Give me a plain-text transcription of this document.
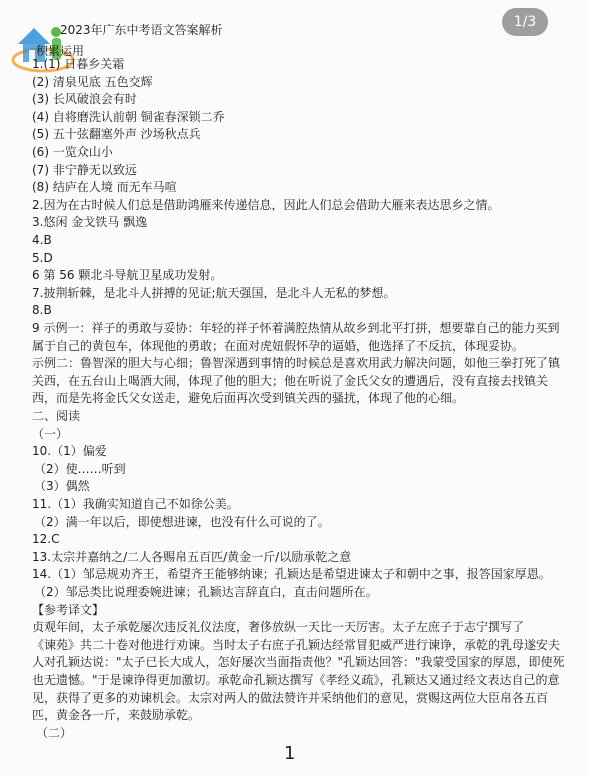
1/3
2023年广东中考语文答案解析
积累运用
1.(1) 日暮乡关霜
(2) 清泉见底 五色交辉
(3) 长风破浪会有时
(4) 自将磨洗认前朝 铜雀春深锁二乔
(5) 五十弦翻塞外声 沙场秋点兵
(6) 一览众山小
(7) 非宁静无以致远
(8) 结庐在人境 而无车马喧
2.因为在古时候人们总是借助鸿雁来传递信息，因此人们总会借助大雁来表达思乡之情。
3.悠闲 金戈铁马 飘逸
4.B
5.D
6 第 56 颗北斗导航卫星成功发射。
7.披荆斩棘，是北斗人拼搏的见证;航天强国，是北斗人无私的梦想。
8.B
9 示例一：祥子的勇敢与妥协：年轻的祥子怀着满腔热情从故乡到北平打拼，想要靠自己的能力买到
属于自己的黄包车，体现他的勇敢；在面对虎妞假怀孕的逼婚，他选择了不反抗，体现妥协。
示例二：鲁智深的胆大与心细；鲁智深遇到事情的时候总是喜欢用武力解决问题，如他三拳打死了镇
关西，在五台山上喝酒大闹，体现了他的胆大；他在听说了金氏父女的遭遇后，没有直接去找镇关
西，而是先将金氏父女送走，避免后面再次受到镇关西的骚扰，体现了他的心细。
二、阅读
（一）
10.（1）偏爱
（2）使……听到
（3）偶然
11.（1）我确实知道自己不如徐公美。
（2）满一年以后，即使想进谏，也没有什么可说的了。
12.C
13.太宗并嘉纳之/二人各赐帛五百匹/黄金一斤/以励承乾之意
14.（1）邹忌规劝齐王，希望齐王能够纳谏；孔颖达是希望进谏太子和朝中之事，报答国家厚恩。
（2）邹忌类比说理委婉进谏；孔颖达言辞直白，直击问题所在。
【参考译文】
贞观年间，太子承乾屡次违反礼仪法度，奢侈放纵一天比一天厉害。太子左庶子于志宁撰写了
《谏苑》共二十卷对他进行劝谏。当时太子右庶子孔颖达经常冒犯威严进行谏诤，承乾的乳母遂安夫
人对孔颖达说："太子已长大成人，怎好屡次当面指责他？"孔颖达回答："我蒙受国家的厚恩，即使死
也无遗憾。"于是谏诤得更加激切。承乾命孔颖达撰写《孝经义疏》，孔颖达又通过经文表达自己的意
见，获得了更多的劝谏机会。太宗对两人的做法赞许并采纳他们的意见，赏赐这两位大臣帛各五百
匹，黄金各一斤，来鼓励承乾。
（二）
1
